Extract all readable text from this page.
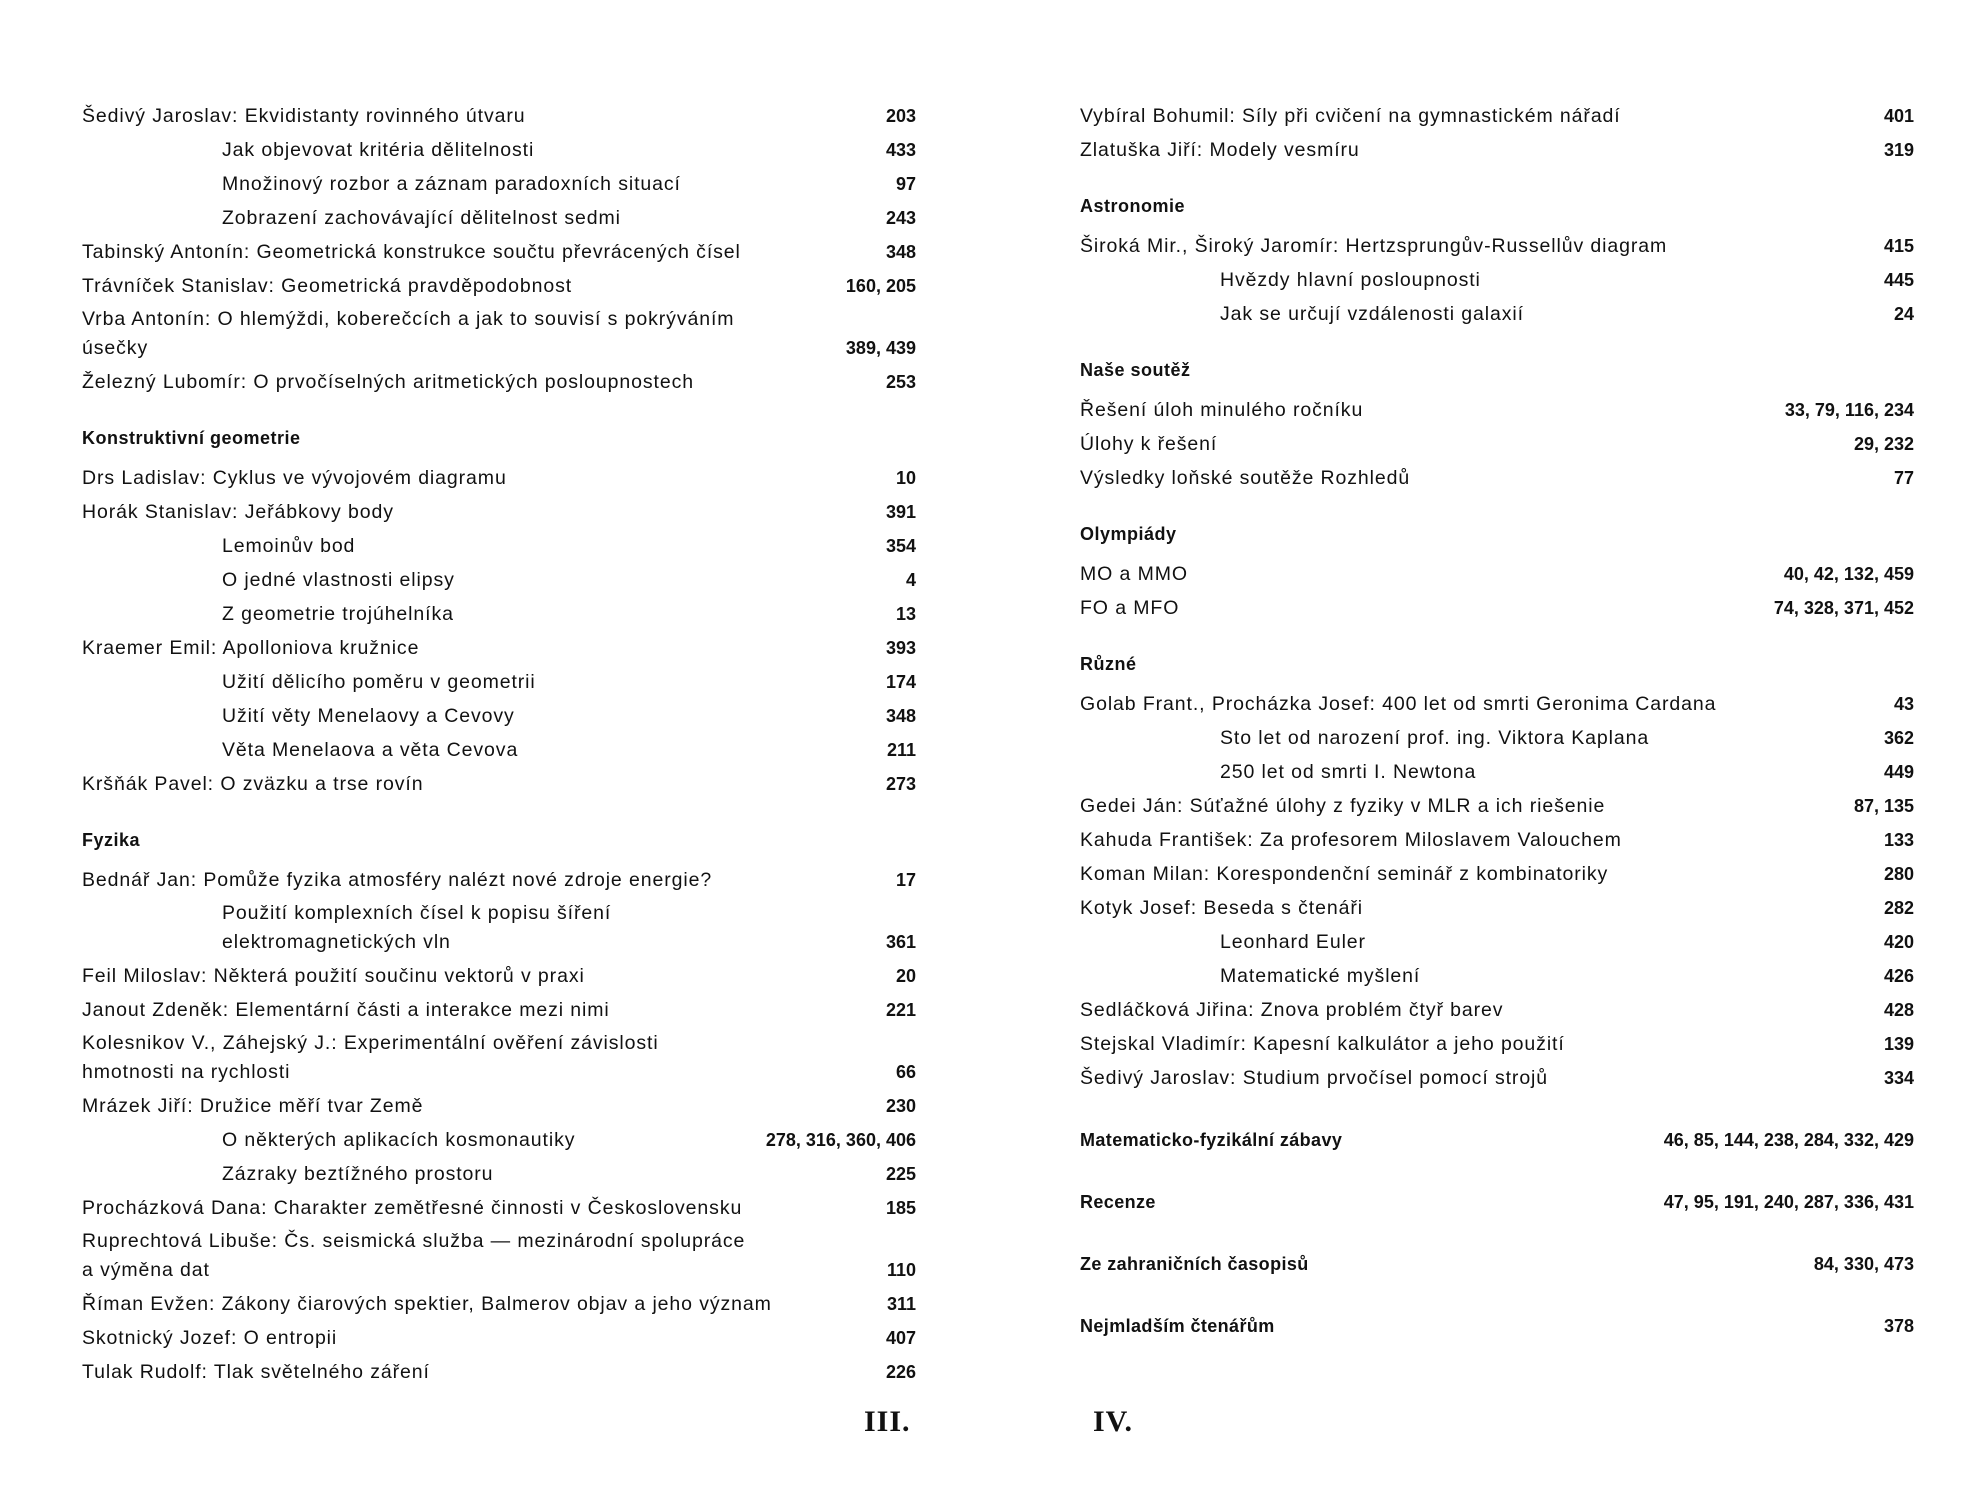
Šedivý Jaroslav: Ekvidistanty rovinného útvaru	203
Jak objevovat kritéria dělitelnosti	433
Množinový rozbor a záznam paradoxních situací	97
Zobrazení zachovávající dělitelnost sedmi	243
Tabinský Antonín: Geometrická konstrukce součtu převrácených čísel	348
Trávníček Stanislav: Geometrická pravděpodobnost	160, 205
Vrba Antonín: O hlemýždi, koberečcích a jak to souvisí s pokrýváním úsečky	389, 439
Železný Lubomír: O prvočíselných aritmetických posloupnostech	253
Konstruktivní geometrie
Drs Ladislav: Cyklus ve vývojovém diagramu	10
Horák Stanislav: Jeřábkovy body	391
Lemoinův bod	354
O jedné vlastnosti elipsy	4
Z geometrie trojúhelníka	13
Kraemer Emil: Apolloniova kružnice	393
Užití dělicího poměru v geometrii	174
Užití věty Menelaovy a Cevovy	348
Věta Menelaova a věta Cevova	211
Kršňák Pavel: O zväzku a trse rovín	273
Fyzika
Bednář Jan: Pomůže fyzika atmosféry nalézt nové zdroje energie?	17
Použití komplexních čísel k popisu šíření elektromagnetických vln	361
Feil Miloslav: Některá použití součinu vektorů v praxi	20
Janout Zdeněk: Elementární části a interakce mezi nimi	221
Kolesnikov V., Záhejský J.: Experimentální ověření závislosti hmotnosti na rychlosti	66
Mrázek Jiří: Družice měří tvar Země	230
O některých aplikacích kosmonautiky	278, 316, 360, 406
Zázraky beztížného prostoru	225
Procházková Dana: Charakter zemětřesné činnosti v Československu	185
Ruprechtová Libuše: Čs. seismická služba — mezinárodní spolupráce a výměna dat	110
Říman Evžen: Zákony čiarových spektier, Balmerov objav a jeho význam	311
Skotnický Jozef: O entropii	407
Tulak Rudolf: Tlak světelného záření	226
III.
Vybíral Bohumil: Síly při cvičení na gymnastickém nářadí	401
Zlatuška Jiří: Modely vesmíru	319
Astronomie
Široká Mir., Široký Jaromír: Hertzsprungův-Russellův diagram	415
Hvězdy hlavní posloupnosti	445
Jak se určují vzdálenosti galaxií	24
Naše soutěž
Řešení úloh minulého ročníku	33, 79, 116, 234
Úlohy k řešení	29, 232
Výsledky loňské soutěže Rozhledů	77
Olympiády
MO a MMO	40, 42, 132, 459
FO a MFO	74, 328, 371, 452
Různé
Golab Frant., Procházka Josef: 400 let od smrti Geronima Cardana	43
Sto let od narození prof. ing. Viktora Kaplana	362
250 let od smrti I. Newtona	449
Gedei Ján: Súťažné úlohy z fyziky v MLR a ich riešenie	87, 135
Kahuda František: Za profesorem Miloslavem Valouchem	133
Koman Milan: Korespondenční seminář z kombinatoriky	280
Kotyk Josef: Beseda s čtenáři	282
Leonhard Euler	420
Matematické myšlení	426
Sedláčková Jiřina: Znova problém čtyř barev	428
Stejskal Vladimír: Kapesní kalkulátor a jeho použití	139
Šedivý Jaroslav: Studium prvočísel pomocí strojů	334
Matematicko-fyzikální zábavy	46, 85, 144, 238, 284, 332, 429
Recenze	47, 95, 191, 240, 287, 336, 431
Ze zahraničních časopisů	84, 330, 473
Nejmladším čtenářům	378
IV.
